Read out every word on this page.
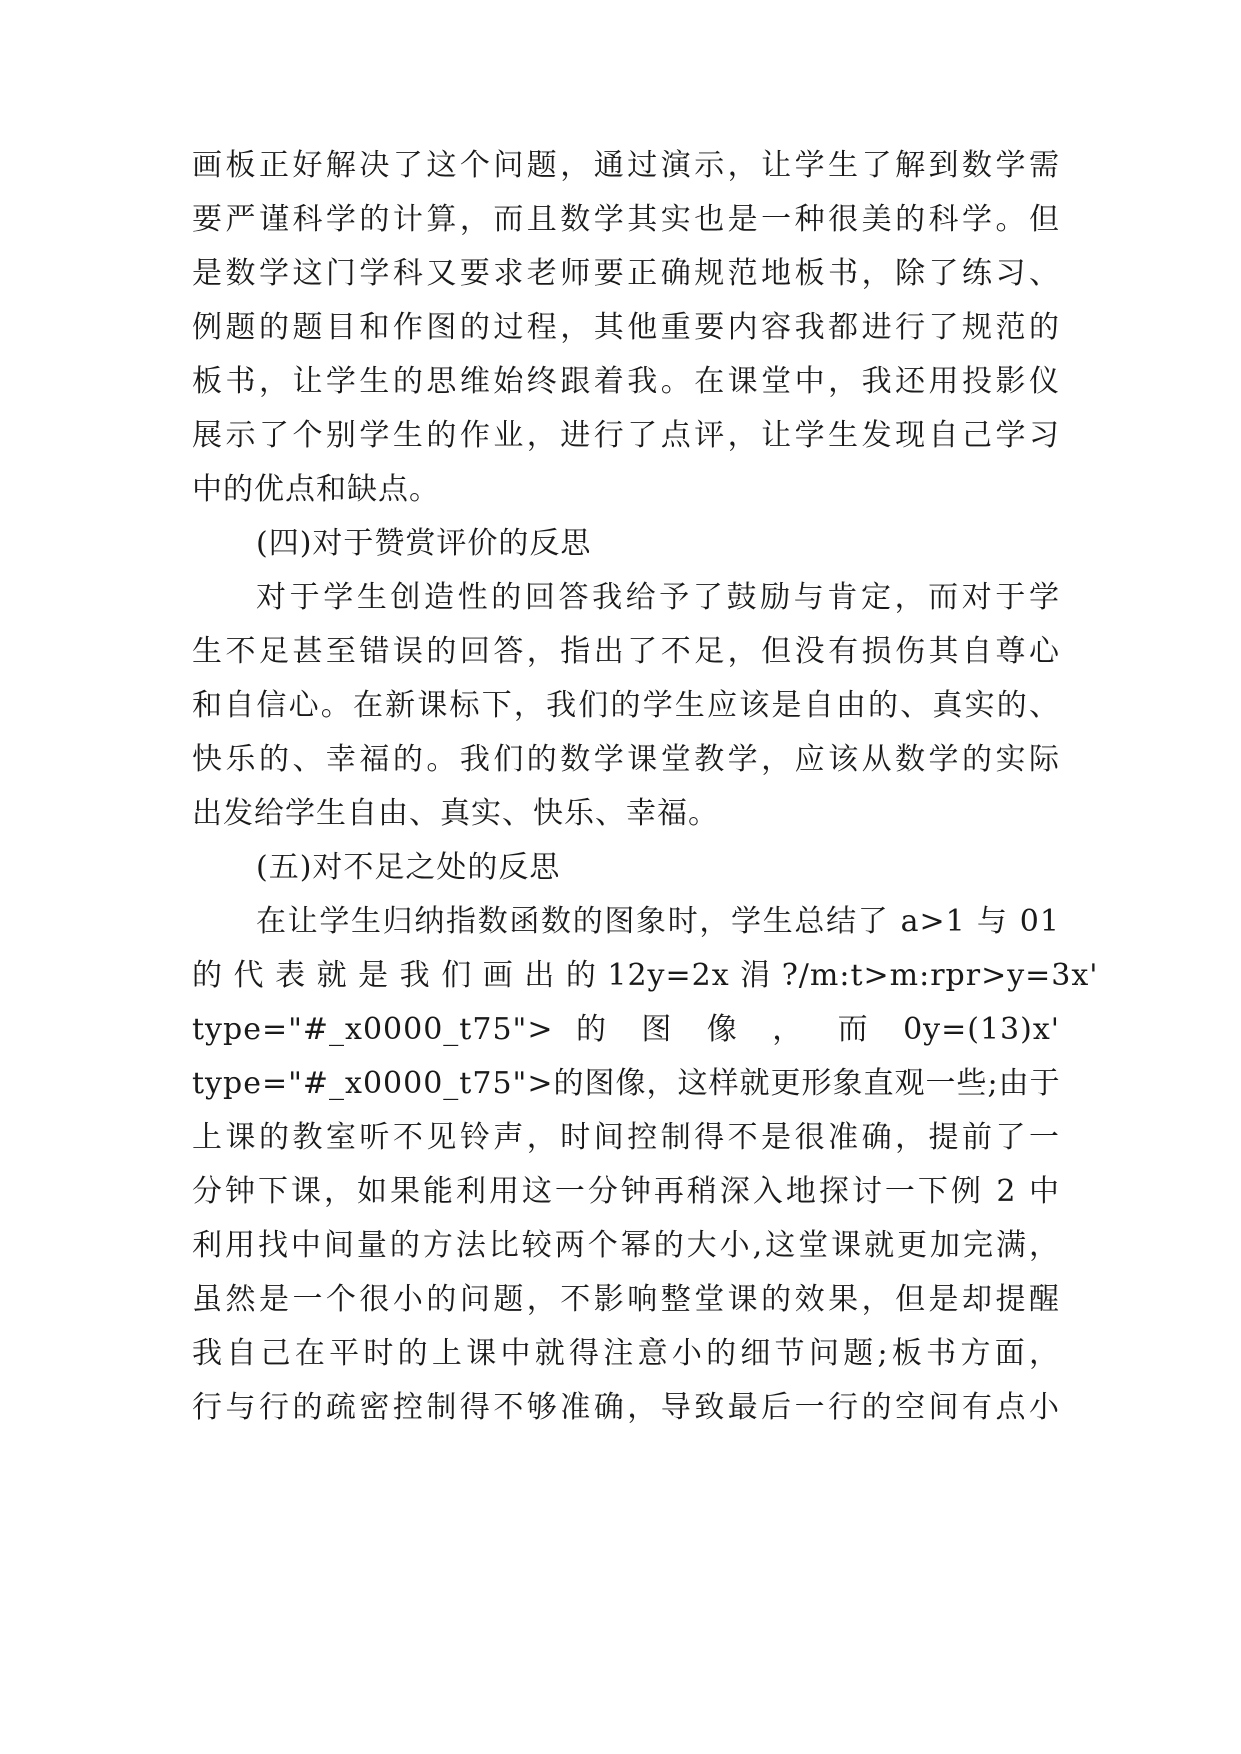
画板正好解决了这个问题，通过演示，让学生了解到数学需
要严谨科学的计算，而且数学其实也是一种很美的科学。但
是数学这门学科又要求老师要正确规范地板书，除了练习、
例题的题目和作图的过程，其他重要内容我都进行了规范的
板书，让学生的思维始终跟着我。在课堂中，我还用投影仪
展示了个别学生的作业，进行了点评，让学生发现自己学习
中的优点和缺点。
(四)对于赞赏评价的反思
对于学生创造性的回答我给予了鼓励与肯定，而对于学
生不足甚至错误的回答，指出了不足，但没有损伤其自尊心
和自信心。在新课标下，我们的学生应该是自由的、真实的、
快乐的、幸福的。我们的数学课堂教学，应该从数学的实际
出发给学生自由、真实、快乐、幸福。
(五)对不足之处的反思
在让学生归纳指数函数的图象时，学生总结了 a>1 与 01
的 代 表 就 是 我 们 画 出 的 12y=2x 涓 ?/m:t>m:rpr>y=3x'
type="#_x0000_t75"> 的 图 像 ， 而 0y=(13)x'
type="#_x0000_t75">的图像，这样就更形象直观一些;由于
上课的教室听不见铃声，时间控制得不是很准确，提前了一
分钟下课，如果能利用这一分钟再稍深入地探讨一下例 2 中
利用找中间量的方法比较两个幂的大小,这堂课就更加完满，
虽然是一个很小的问题，不影响整堂课的效果，但是却提醒
我自己在平时的上课中就得注意小的细节问题;板书方面，
行与行的疏密控制得不够准确，导致最后一行的空间有点小
